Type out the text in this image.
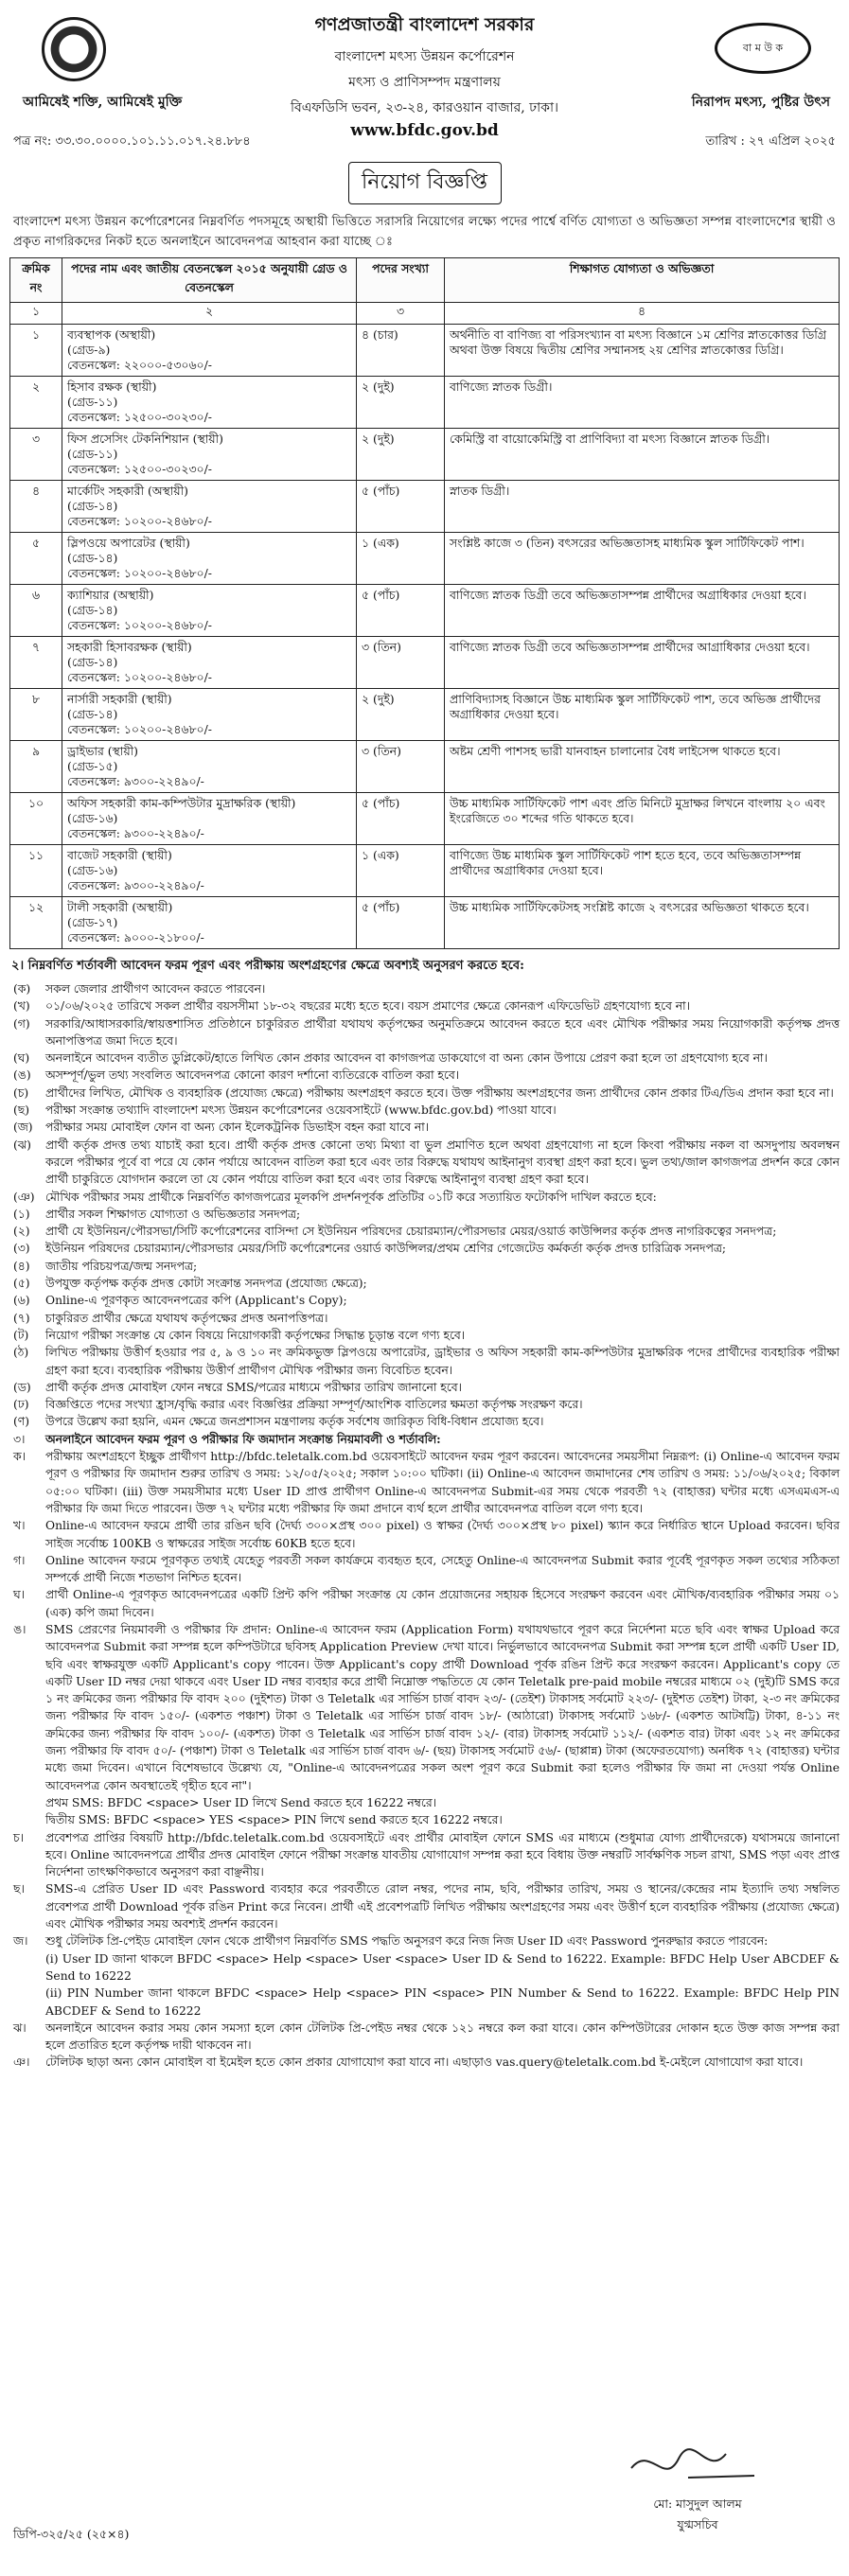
বা ম উ ক
গণপ্রজাতন্ত্রী বাংলাদেশ সরকার
বাংলাদেশ মৎস্য উন্নয়ন কর্পোরেশন
মৎস্য ও প্রাণিসম্পদ মন্ত্রণালয়
বিএফডিসি ভবন, ২৩-২৪, কারওয়ান বাজার, ঢাকা।
www.bfdc.gov.bd
আমিষেই শক্তি, আমিষেই মুক্তি	নিরাপদ মৎস্য, পুষ্টির উৎস
পত্র নং: ৩৩.৩০.০০০০.১০১.১১.০১৭.২৪.৮৮৪	তারিখ : ২৭ এপ্রিল ২০২৫
নিয়োগ বিজ্ঞপ্তি
বাংলাদেশ মৎস্য উন্নয়ন কর্পোরেশনের নিম্নবর্ণিত পদসমূহে অস্থায়ী ভিত্তিতে সরাসরি নিয়োগের লক্ষ্যে পদের পার্শ্বে বর্ণিত যোগ্যতা ও অভিজ্ঞতা সম্পন্ন বাংলাদেশের স্থায়ী ও প্রকৃত নাগরিকদের নিকট হতে অনলাইনে আবেদনপত্র আহবান করা যাচ্ছে ঃ
ক্রমিক নং	পদের নাম এবং জাতীয় বেতনস্কেল ২০১৫ অনুযায়ী গ্রেড ও বেতনস্কেল	পদের সংখ্যা	শিক্ষাগত যোগ্যতা ও অভিজ্ঞতা
১	২	৩	৪

১	ব্যবস্থাপক (অস্থায়ী)
(গ্রেড-৯)
বেতনস্কেল: ২২০০০-৫৩০৬০/-	৪ (চার)	অর্থনীতি বা বাণিজ্য বা পরিসংখ্যান বা মৎস্য বিজ্ঞানে ১ম শ্রেণির স্নাতকোত্তর ডিগ্রি অথবা উক্ত বিষয়ে দ্বিতীয় শ্রেণির সম্মানসহ ২য় শ্রেণির স্নাতকোত্তর ডিগ্রি।

২	হিসাব রক্ষক (স্থায়ী)
(গ্রেড-১১)
বেতনস্কেল: ১২৫০০-৩০২৩০/-	২ (দুই)	বাণিজ্যে স্নাতক ডিগ্রী।

৩	ফিস প্রসেসিং টেকনিশিয়ান (স্থায়ী)
(গ্রেড-১১)
বেতনস্কেল: ১২৫০০-৩০২৩০/-	২ (দুই)	কেমিস্ট্রি বা বায়োকেমিস্ট্রি বা প্রাণিবিদ্যা বা মৎস্য বিজ্ঞানে স্নাতক ডিগ্রী।

৪	মার্কেটিং সহকারী (অস্থায়ী)
(গ্রেড-১৪)
বেতনস্কেল: ১০২০০-২৪৬৮০/-	৫ (পাঁচ)	স্নাতক ডিগ্রী।

৫	স্লিপওয়ে অপারেটর (স্থায়ী)
(গ্রেড-১৪)
বেতনস্কেল: ১০২০০-২৪৬৮০/-	১ (এক)	সংশ্লিষ্ট কাজে ৩ (তিন) বৎসরের অভিজ্ঞতাসহ মাধ্যমিক স্কুল সার্টিফিকেট পাশ।

৬	ক্যাশিয়ার (অস্থায়ী)
(গ্রেড-১৪)
বেতনস্কেল: ১০২০০-২৪৬৮০/-	৫ (পাঁচ)	বাণিজ্যে স্নাতক ডিগ্রী তবে অভিজ্ঞতাসম্পন্ন প্রার্থীদের অগ্রাধিকার দেওয়া হবে।

৭	সহকারী হিসাবরক্ষক (স্থায়ী)
(গ্রেড-১৪)
বেতনস্কেল: ১০২০০-২৪৬৮০/-	৩ (তিন)	বাণিজ্যে স্নাতক ডিগ্রী তবে অভিজ্ঞতাসম্পন্ন প্রার্থীদের আগ্রাধিকার দেওয়া হবে।

৮	নার্সারী সহকারী (স্থায়ী)
(গ্রেড-১৪)
বেতনস্কেল: ১০২০০-২৪৬৮০/-	২ (দুই)	প্রাণিবিদ্যাসহ বিজ্ঞানে উচ্চ মাধ্যমিক স্কুল সার্টিফিকেট পাশ, তবে অভিজ্ঞ প্রার্থীদের অগ্রাধিকার দেওয়া হবে।

৯	ড্রাইভার (স্থায়ী)
(গ্রেড-১৫)
বেতনস্কেল: ৯৩০০-২২৪৯০/-	৩ (তিন)	অষ্টম শ্রেণী পাশসহ ভারী যানবাহন চালানোর বৈধ লাইসেন্স থাকতে হবে।

১০	অফিস সহকারী কাম-কম্পিউটার মুদ্রাক্ষরিক (স্থায়ী)
(গ্রেড-১৬)
বেতনস্কেল: ৯৩০০-২২৪৯০/-	৫ (পাঁচ)	উচ্চ মাধ্যমিক সার্টিফিকেট পাশ এবং প্রতি মিনিটে মুদ্রাক্ষর লিখনে বাংলায় ২০ এবং ইংরেজিতে ৩০ শব্দের গতি থাকতে হবে।

১১	বাজেট সহকারী (স্থায়ী)
(গ্রেড-১৬)
বেতনস্কেল: ৯৩০০-২২৪৯০/-	১ (এক)	বাণিজ্যে উচ্চ মাধ্যমিক স্কুল সার্টিফিকেট পাশ হতে হবে, তবে অভিজ্ঞতাসম্পন্ন প্রার্থীদের অগ্রাধিকার দেওয়া হবে।

১২	টালী সহকারী (অস্থায়ী)
(গ্রেড-১৭)
বেতনস্কেল: ৯০০০-২১৮০০/-	৫ (পাঁচ)	উচ্চ মাধ্যমিক সার্টিফিকেটসহ সংশ্লিষ্ট কাজে ২ বৎসরের অভিজ্ঞতা থাকতে হবে।
২। নিম্নবর্ণিত শর্তাবলী আবেদন ফরম পূরণ এবং পরীক্ষায় অংশগ্রহণের ক্ষেত্রে অবশ্যই অনুসরণ করতে হবে:
(ক)	সকল জেলার প্রার্থীগণ আবেদন করতে পারবেন।
(খ)	০১/০৬/২০২৫ তারিখে সকল প্রার্থীর বয়সসীমা ১৮-৩২ বছরের মধ্যে হতে হবে। বয়স প্রমাণের ক্ষেত্রে কোনরূপ এফিডেভিট গ্রহণযোগ্য হবে না।
(গ)	সরকারি/আধাসরকারি/স্বায়ত্তশাসিত প্রতিষ্ঠানে চাকুরিরত প্রার্থীরা যথাযথ কর্তৃপক্ষের অনুমতিক্রমে আবেদন করতে হবে এবং মৌখিক পরীক্ষার সময় নিয়োগকারী কর্তৃপক্ষ প্রদত্ত অনাপত্তিপত্র জমা দিতে হবে।
(ঘ)	অনলাইনে আবেদন ব্যতীত ডুপ্লিকেট/হাতে লিখিত কোন প্রকার আবেদন বা কাগজপত্র ডাকযোগে বা অন্য কোন উপায়ে প্রেরণ করা হলে তা গ্রহণযোগ্য হবে না।
(ঙ)	অসম্পূর্ণ/ভুল তথ্য সংবলিত আবেদনপত্র কোনো কারণ দর্শানো ব্যতিরেকে বাতিল করা হবে।
(চ)	প্রার্থীদের লিখিত, মৌখিক ও ব্যবহারিক (প্রযোজ্য ক্ষেত্রে) পরীক্ষায় অংশগ্রহণ করতে হবে। উক্ত পরীক্ষায় অংশগ্রহণের জন্য প্রার্থীদের কোন প্রকার টিএ/ডিএ প্রদান করা হবে না।
(ছ)	পরীক্ষা সংক্রান্ত তথ্যাদি বাংলাদেশ মৎস্য উন্নয়ন কর্পোরেশনের ওয়েবসাইটে (www.bfdc.gov.bd) পাওয়া যাবে।
(জ)	পরীক্ষার সময় মোবাইল ফোন বা অন্য কোন ইলেকট্রনিক ডিভাইস বহন করা যাবে না।
(ঝ)	প্রার্থী কর্তৃক প্রদত্ত তথ্য যাচাই করা হবে। প্রার্থী কর্তৃক প্রদত্ত কোনো তথ্য মিথ্যা বা ভুল প্রমাণিত হলে অথবা গ্রহণযোগ্য না হলে কিংবা পরীক্ষায় নকল বা অসদুপায় অবলম্বন করলে পরীক্ষার পূর্বে বা পরে যে কোন পর্যায়ে আবেদন বাতিল করা হবে এবং তার বিরুদ্ধে যথাযথ আইনানুগ ব্যবস্থা গ্রহণ করা হবে। ভুল তথ্য/জাল কাগজপত্র প্রদর্শন করে কোন প্রার্থী চাকুরিতে যোগদান করলে তা যে কোন পর্যায়ে বাতিল করা হবে এবং তার বিরুদ্ধে আইনানুগ ব্যবস্থা গ্রহণ করা হবে।
(ঞ) মৌখিক পরীক্ষার সময় প্রার্থীকে নিম্নবর্ণিত কাগজপত্রের মূলকপি প্রদর্শনপূর্বক প্রতিটির ০১টি করে সত্যায়িত ফটোকপি দাখিল করতে হবে:
(১)	প্রার্থীর সকল শিক্ষাগত যোগ্যতা ও অভিজ্ঞতার সনদপত্র;
(২)	প্রার্থী যে ইউনিয়ন/পৌরসভা/সিটি কর্পোরেশনের বাসিন্দা সে ইউনিয়ন পরিষদের চেয়ারম্যান/পৌরসভার মেয়র/ওয়ার্ড কাউন্সিলর কর্তৃক প্রদত্ত নাগরিকত্বের সনদপত্র;
(৩)	ইউনিয়ন পরিষদের চেয়ারম্যান/পৌরসভার মেয়র/সিটি কর্পোরেশনের ওয়ার্ড কাউন্সিলর/প্রথম শ্রেণির গেজেটেড কর্মকর্তা কর্তৃক প্রদত্ত চারিত্রিক সনদপত্র;
(৪)	জাতীয় পরিচয়পত্র/জন্ম সনদপত্র;
(৫)	উপযুক্ত কর্তৃপক্ষ কর্তৃক প্রদত্ত কোটা সংক্রান্ত সনদপত্র (প্রযোজ্য ক্ষেত্রে);
(৬)	Online-এ পূরণকৃত আবেদনপত্রের কপি (Applicant's Copy);
(৭)	চাকুরিরত প্রার্থীর ক্ষেত্রে যথাযথ কর্তৃপক্ষের প্রদত্ত অনাপত্তিপত্র।
(ট)	নিয়োগ পরীক্ষা সংক্রান্ত যে কোন বিষয়ে নিয়োগকারী কর্তৃপক্ষের সিদ্ধান্ত চূড়ান্ত বলে গণ্য হবে।
(ঠ)	লিখিত পরীক্ষায় উত্তীর্ণ হওয়ার পর ৫, ৯ ও ১০ নং ক্রমিকভুক্ত স্লিপওয়ে অপারেটর, ড্রাইভার ও অফিস সহকারী কাম-কম্পিউটার মুদ্রাক্ষরিক পদের প্রার্থীদের ব্যবহারিক পরীক্ষা গ্রহণ করা হবে। ব্যবহারিক পরীক্ষায় উত্তীর্ণ প্রার্থীগণ মৌখিক পরীক্ষার জন্য বিবেচিত হবেন।
(ড)	প্রার্থী কর্তৃক প্রদত্ত মোবাইল ফোন নম্বরে SMS/পত্রের মাধ্যমে পরীক্ষার তারিখ জানানো হবে।
(ঢ)	বিজ্ঞপ্তিতে পদের সংখ্যা হ্রাস/বৃদ্ধি করার এবং বিজ্ঞপ্তির প্রক্রিয়া সম্পূর্ণ/আংশিক বাতিলের ক্ষমতা কর্তৃপক্ষ সংরক্ষণ করে।
(ণ)	উপরে উল্লেখ করা হয়নি, এমন ক্ষেত্রে জনপ্রশাসন মন্ত্রণালয় কর্তৃক সর্বশেষ জারিকৃত বিধি-বিধান প্রযোজ্য হবে।
৩।	অনলাইনে আবেদন ফরম পূরণ ও পরীক্ষার ফি জমাদান সংক্রান্ত নিয়মাবলী ও শর্তাবলি:
ক।	পরীক্ষায় অংশগ্রহণে ইচ্ছুক প্রার্থীগণ http://bfdc.teletalk.com.bd ওয়েবসাইটে আবেদন ফরম পূরণ করবেন। আবেদনের সময়সীমা নিম্নরূপ: (i) Online-এ আবেদন ফরম পূরণ ও পরীক্ষার ফি জমাদান শুরুর তারিখ ও সময়: ১২/০৫/২০২৫; সকাল ১০:০০ ঘটিকা। (ii) Online-এ আবেদন জমাদানের শেষ তারিখ ও সময়: ১১/০৬/২০২৫; বিকাল ০৫:০০ ঘটিকা। (iii) উক্ত সময়সীমার মধ্যে User ID প্রাপ্ত প্রার্থীগণ Online-এ আবেদনপত্র Submit-এর সময় থেকে পরবর্তী ৭২ (বাহাত্তর) ঘন্টার মধ্যে এসএমএস-এ পরীক্ষার ফি জমা দিতে পারবেন। উক্ত ৭২ ঘন্টার মধ্যে পরীক্ষার ফি জমা প্রদানে ব্যর্থ হলে প্রার্থীর আবেদনপত্র বাতিল বলে গণ্য হবে।
খ।	Online-এ আবেদন ফরমে প্রার্থী তার রঙিন ছবি (দৈর্ঘ্য ৩০০×প্রস্থ ৩০০ pixel) ও স্বাক্ষর (দৈর্ঘ্য ৩০০×প্রস্থ ৮০ pixel) স্ক্যান করে নির্ধারিত স্থানে Upload করবেন। ছবির সাইজ সর্বোচ্চ 100KB ও স্বাক্ষরের সাইজ সর্বোচ্চ 60KB হতে হবে।
গ।	Online আবেদন ফরমে পূরণকৃত তথ্যই যেহেতু পরবর্তী সকল কার্যক্রমে ব্যবহৃত হবে, সেহেতু Online-এ আবেদনপত্র Submit করার পূর্বেই পূরণকৃত সকল তথ্যের সঠিকতা সম্পর্কে প্রার্থী নিজে শতভাগ নিশ্চিত হবেন।
ঘ।	প্রার্থী Online-এ পূরণকৃত আবেদনপত্রের একটি প্রিন্ট কপি পরীক্ষা সংক্রান্ত যে কোন প্রয়োজনের সহায়ক হিসেবে সংরক্ষণ করবেন এবং মৌখিক/ব্যবহারিক পরীক্ষার সময় ০১ (এক) কপি জমা দিবেন।
ঙ।	SMS প্রেরণের নিয়মাবলী ও পরীক্ষার ফি প্রদান: Online-এ আবেদন ফরম (Application Form) যথাযথভাবে পূরণ করে নির্দেশনা মতে ছবি এবং স্বাক্ষর Upload করে আবেদনপত্র Submit করা সম্পন্ন হলে কম্পিউটারে ছবিসহ Application Preview দেখা যাবে। নির্ভুলভাবে আবেদনপত্র Submit করা সম্পন্ন হলে প্রার্থী একটি User ID, ছবি এবং স্বাক্ষরযুক্ত একটি Applicant's copy পাবেন। উক্ত Applicant's copy প্রার্থী Download পূর্বক রঙিন প্রিন্ট করে সংরক্ষণ করবেন। Applicant's copy তে একটি User ID নম্বর দেয়া থাকবে এবং User ID নম্বর ব্যবহার করে প্রার্থী নিম্নোক্ত পদ্ধতিতে যে কোন Teletalk pre-paid mobile নম্বরের মাধ্যমে ০২ (দুই)টি SMS করে ১ নং ক্রমিকের জন্য পরীক্ষার ফি বাবদ ২০০ (দুইশত) টাকা ও Teletalk এর সার্ভিস চার্জ বাবদ ২৩/- (তেইশ) টাকাসহ সর্বমোট ২২৩/- (দুইশত তেইশ) টাকা, ২-৩ নং ক্রমিকের জন্য পরীক্ষার ফি বাবদ ১৫০/- (একশত পঞ্চাশ) টাকা ও Teletalk এর সার্ভিস চার্জ বাবদ ১৮/- (আঠারো) টাকাসহ সর্বমোট ১৬৮/- (একশত আটষট্টি) টাকা, ৪-১১ নং ক্রমিকের জন্য পরীক্ষার ফি বাবদ ১০০/- (একশত) টাকা ও Teletalk এর সার্ভিস চার্জ বাবদ ১২/- (বার) টাকাসহ সর্বমোট ১১২/- (একশত বার) টাকা এবং ১২ নং ক্রমিকের জন্য পরীক্ষার ফি বাবদ ৫০/- (পঞ্চাশ) টাকা ও Teletalk এর সার্ভিস চার্জ বাবদ ৬/- (ছয়) টাকাসহ সর্বমোট ৫৬/- (ছাপ্পান্ন) টাকা (অফেরতযোগ্য) অনধিক ৭২ (বাহাত্তর) ঘন্টার মধ্যে জমা দিবেন। এখানে বিশেষভাবে উল্লেখ্য যে, "Online-এ আবেদনপত্রের সকল অংশ পূরণ করে Submit করা হলেও পরীক্ষার ফি জমা না দেওয়া পর্যন্ত Online আবেদনপত্র কোন অবস্থাতেই গৃহীত হবে না"।
প্রথম SMS: BFDC <space> User ID লিখে Send করতে হবে 16222 নম্বরে।
দ্বিতীয় SMS: BFDC <space> YES <space> PIN লিখে send করতে হবে 16222 নম্বরে।
চ।	প্রবেশপত্র প্রাপ্তির বিষয়টি http://bfdc.teletalk.com.bd ওয়েবসাইটে এবং প্রার্থীর মোবাইল ফোনে SMS এর মাধ্যমে (শুধুমাত্র যোগ্য প্রার্থীদেরকে) যথাসময়ে জানানো হবে। Online আবেদনপত্রে প্রার্থীর প্রদত্ত মোবাইল ফোনে পরীক্ষা সংক্রান্ত যাবতীয় যোগাযোগ সম্পন্ন করা হবে বিধায় উক্ত নম্বরটি সার্বক্ষণিক সচল রাখা, SMS পড়া এবং প্রাপ্ত নির্দেশনা তাৎক্ষণিকভাবে অনুসরণ করা বাঞ্ছনীয়।
ছ।	SMS-এ প্রেরিত User ID এবং Password ব্যবহার করে পরবর্তীতে রোল নম্বর, পদের নাম, ছবি, পরীক্ষার তারিখ, সময় ও স্থানের/কেন্দ্রের নাম ইত্যাদি তথ্য সম্বলিত প্রবেশপত্র প্রার্থী Download পূর্বক রঙিন Print করে নিবেন। প্রার্থী এই প্রবেশপত্রটি লিখিত পরীক্ষায় অংশগ্রহণের সময় এবং উত্তীর্ণ হলে ব্যবহারিক পরীক্ষায় (প্রযোজ্য ক্ষেত্রে) এবং মৌখিক পরীক্ষার সময় অবশ্যই প্রদর্শন করবেন।
জ।	শুধু টেলিটক প্রি-পেইড মোবাইল ফোন থেকে প্রার্থীগণ নিম্নবর্ণিত SMS পদ্ধতি অনুসরণ করে নিজ নিজ User ID এবং Password পুনরুদ্ধার করতে পারবেন:
(i) User ID জানা থাকলে BFDC <space> Help <space> User <space> User ID & Send to 16222. Example: BFDC Help User ABCDEF & Send to 16222
(ii) PIN Number জানা থাকলে BFDC <space> Help <space> PIN <space> PIN Number & Send to 16222. Example: BFDC Help PIN ABCDEF & Send to 16222
ঝ।	অনলাইনে আবেদন করার সময় কোন সমস্যা হলে কোন টেলিটক প্রি-পেইড নম্বর থেকে ১২১ নম্বরে কল করা যাবে। কোন কম্পিউটারের দোকান হতে উক্ত কাজ সম্পন্ন করা হলে প্রতারিত হলে কর্তৃপক্ষ দায়ী থাকবেন না।
ঞ।	টেলিটক ছাড়া অন্য কোন মোবাইল বা ইমেইল হতে কোন প্রকার যোগাযোগ করা যাবে না। এছাড়াও vas.query@teletalk.com.bd ই-মেইলে যোগাযোগ করা যাবে।
মো: মাসুদুল আলম
যুগ্মসচিব
ডিপি-৩২৫/২৫ (২৫×৪)
